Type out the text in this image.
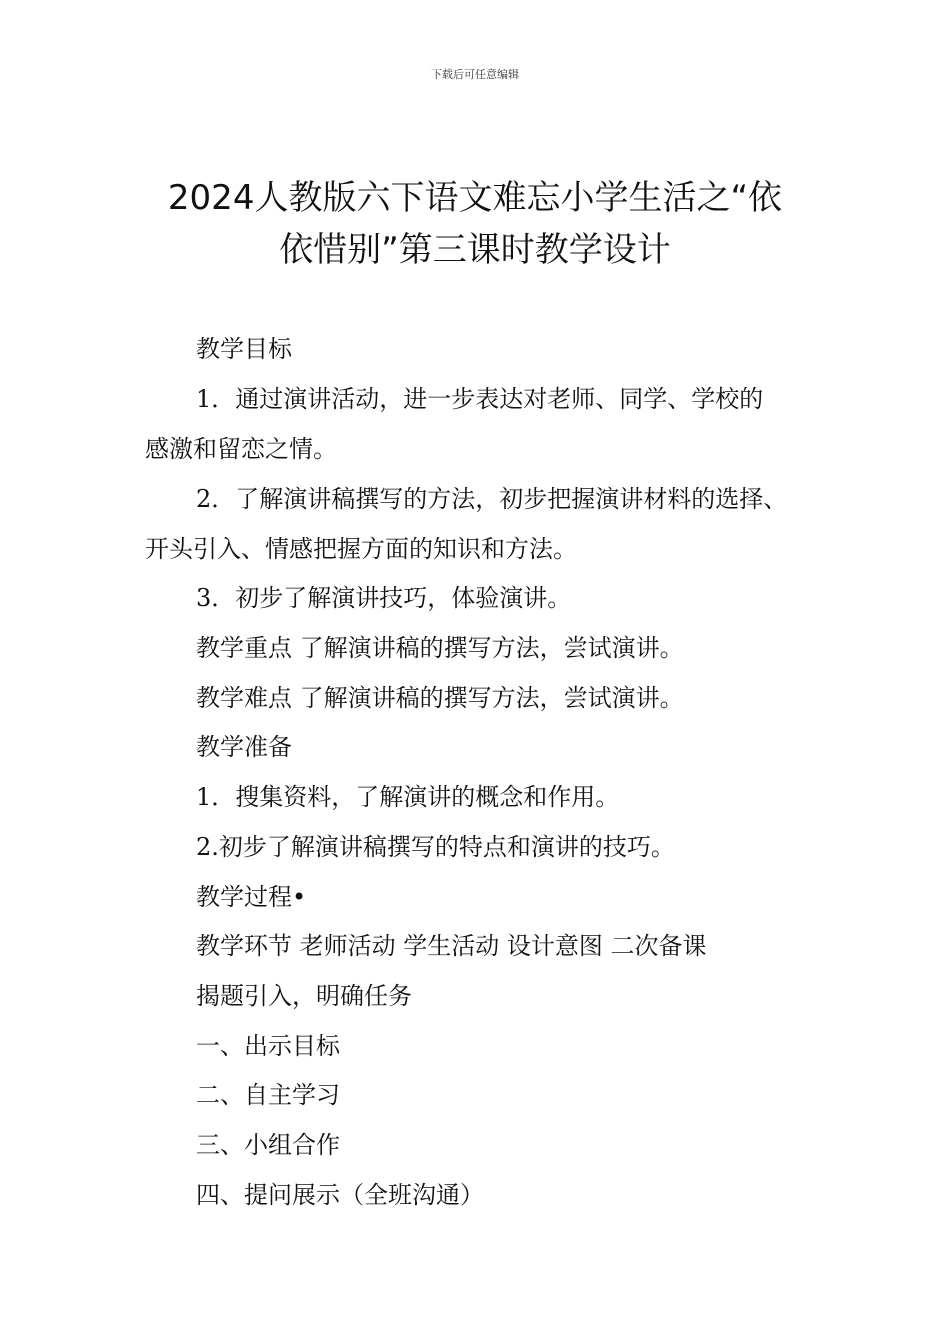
下载后可任意编辑
2024人教版六下语文难忘小学生活之“依
依惜别”第三课时教学设计
教学目标
1．通过演讲活动，进一步表达对老师、同学、学校的
感激和留恋之情。
2．了解演讲稿撰写的方法，初步把握演讲材料的选择、
开头引入、情感把握方面的知识和方法。
3．初步了解演讲技巧，体验演讲。
教学重点 了解演讲稿的撰写方法，尝试演讲。
教学难点 了解演讲稿的撰写方法，尝试演讲。
教学准备
1．搜集资料，了解演讲的概念和作用。
2.初步了解演讲稿撰写的特点和演讲的技巧。
教学过程•
教学环节 老师活动 学生活动 设计意图 二次备课
揭题引入，明确任务
一、出示目标
二、自主学习
三、小组合作
四、提问展示（全班沟通）
